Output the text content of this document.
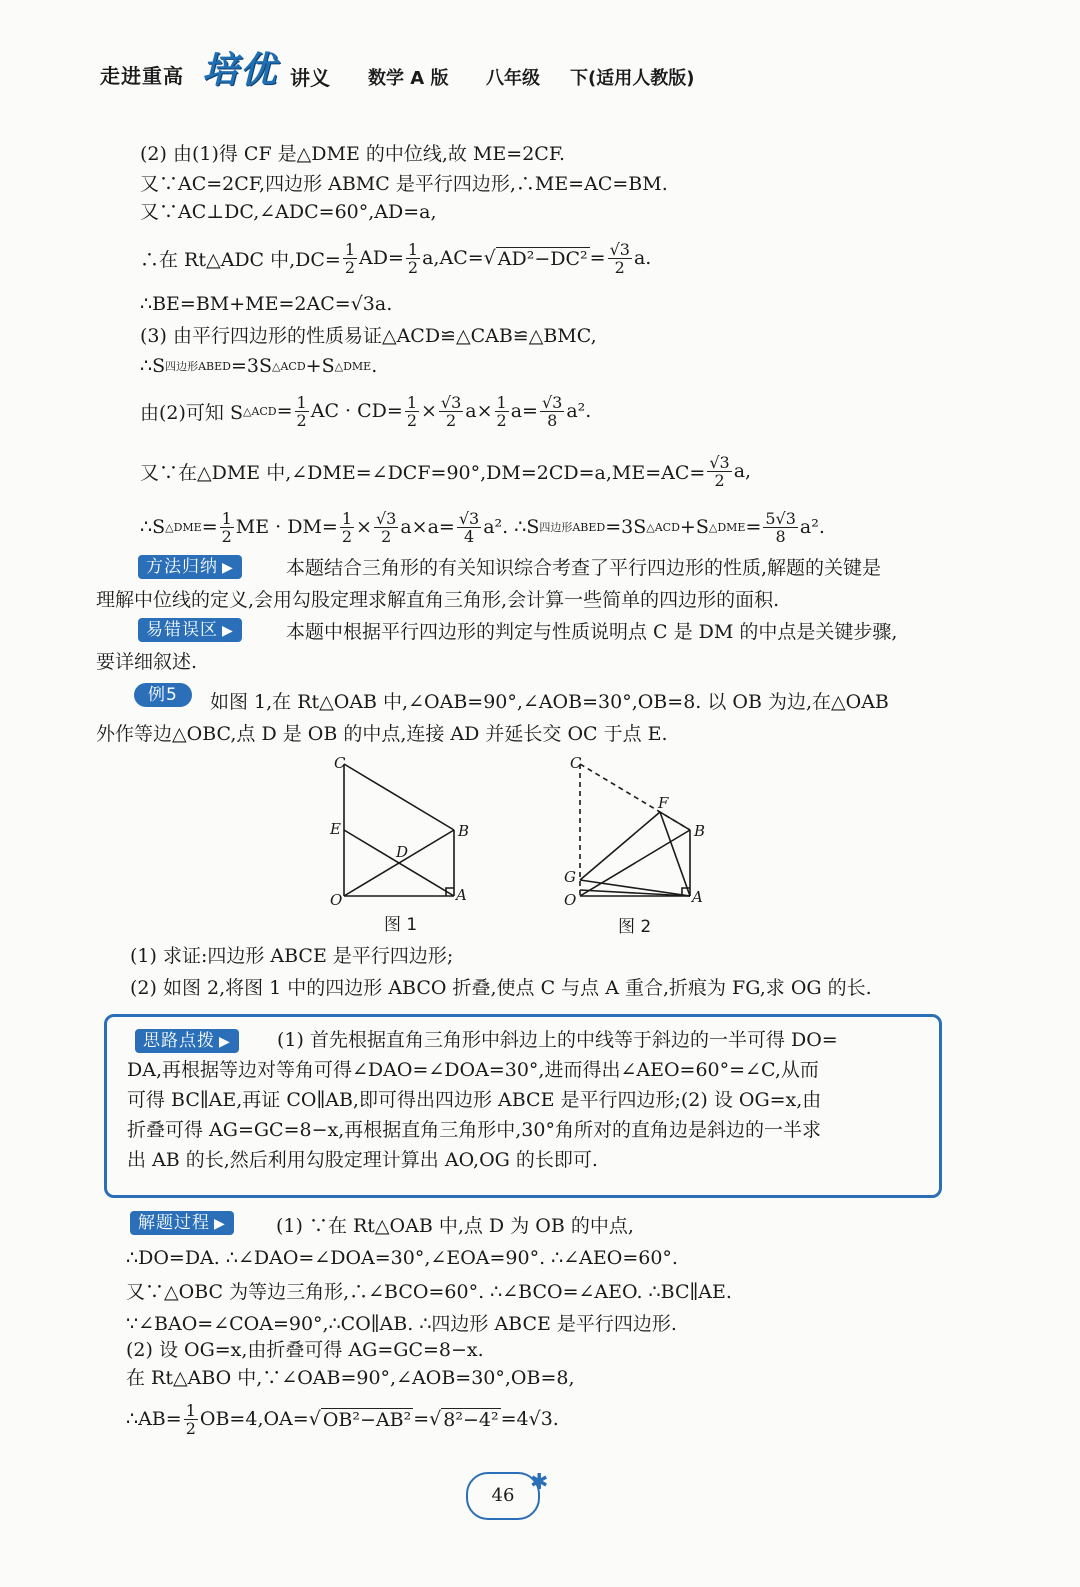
走进重高 培优 讲义 数学 A 版 八年级 下(适用人教版)
(2) 由(1)得 CF 是△DME 的中位线,故 ME=2CF.
又∵AC=2CF,四边形 ABMC 是平行四边形,∴ME=AC=BM.
又∵AC⊥DC,∠ADC=60°,AD=a,
∴在 Rt△ADC 中$,DC= \frac{1}{2} AD= \frac{1}{2} a,AC=$ √ $AD^2-DC^2 = \frac{√3}{2} a$.
∴BE=BM+ME=2AC=√3a.
(3) 由平行四边形的性质易证△ACD≌△CAB≌△BMC,
∴S 四边形ABED =3S △ACD +S △DME .
由(2)可知 S △ACD = $\frac{1}{2}$ AC · $CD= \frac{1}{2} \times \frac{√3}{2} a\times \frac{1}{2} a= \frac{√3}{8} a^2$.
又∵在△DME 中,∠DME=∠DCF=90°,DM=2CD=a,ME=AC= $\frac{√3}{2} a$,
∴S △DME = $\frac{1}{2}$ ME · $DM= \frac{1}{2} \times \frac{√3}{2} a\times a= \frac{√3}{4} a^2$. ∴S 四边形ABED =3S △ACD +S △DME = $\frac{5√3}{8} a^2$.
方法归纳 ▶	本题结合三角形的有关知识综合考查了平行四边形的性质,解题的关键是
理解中位线的定义,会用勾股定理求解直角三角形,会计算一些简单的四边形的面积.
易错误区 ▶	本题中根据平行四边形的判定与性质说明点 C 是 DM 的中点是关键步骤,
要详细叙述.
例5	如图 1,在 Rt△OAB 中,∠OAB=90°,∠AOB=30°,OB=8. 以 OB 为边,在△OAB
外作等边△OBC,点 D 是 OB 的中点,连接 AD 并延长交 OC 于点 E.
C
E	B
D
O	A
图 1
C
F
B
G
O	A
图 2
(1) 求证:四边形 ABCE 是平行四边形;
(2) 如图 2,将图 1 中的四边形 ABCO 折叠,使点 C 与点 A 重合,折痕为 FG,求 OG 的长.
思路点拨 ▶	(1) 首先根据直角三角形中斜边上的中线等于斜边的一半可得 DO=
DA,再根据等边对等角可得∠DAO=∠DOA=30°,进而得出∠AEO=60°=∠C,从而
可得 BC∥AE,再证 CO∥AB,即可得出四边形 ABCE 是平行四边形;(2) 设 OG=x,由
折叠可得 AG=GC=8−x,再根据直角三角形中,30°角所对的直角边是斜边的一半求
出 AB 的长,然后利用勾股定理计算出 AO,OG 的长即可.
解题过程 ▶	(1) ∵在 Rt△OAB 中,点 D 为 OB 的中点,
∴DO=DA. ∴∠DAO=∠DOA=30°,∠EOA=90°. ∴∠AEO=60°.
又∵△OBC 为等边三角形,∴∠BCO=60°. ∴∠BCO=∠AEO. ∴BC∥AE.
∵∠BAO=∠COA=90°,∴CO∥AB. ∴四边形 ABCE 是平行四边形.
(2) 设 OG=x,由折叠可得 AG=GC=8−x.
在 Rt△ABO 中,∵∠OAB=90°,∠AOB=30°,OB=8,
∴AB= $\frac{1}{2} OB=4,OA=$ √ OB²−AB² = √ 8²−4² =4√3.
46
✱
